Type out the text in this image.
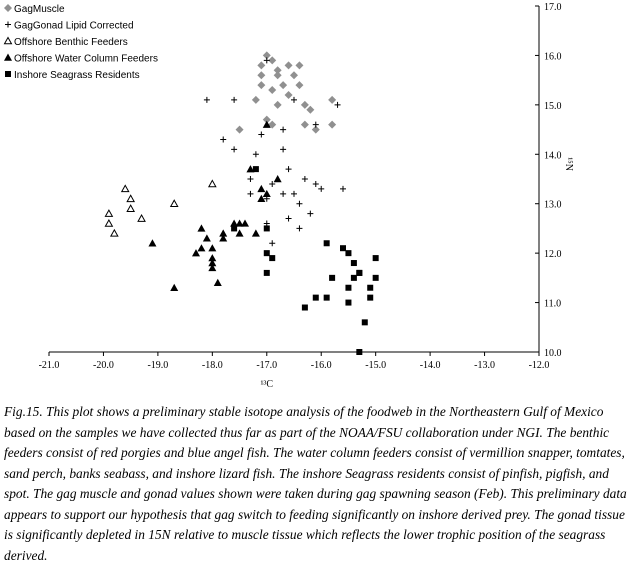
-21.0	-20.0	-19.0	-18.0	-17.0	-16.0	-15.0	-14.0	-13.0	-12.0
10.0
11.0
12.0
13.0
14.0
15.0
16.0
17.0
¹³C
¹⁵N
GagMuscle
GagGonad Lipid Corrected
Offshore Benthic Feeders
Offshore Water Column Feeders
Inshore Seagrass Residents
Fig.15. This plot shows a preliminary stable isotope analysis of the foodweb in the Northeastern Gulf of Mexico based on the samples we have collected thus far as part of the NOAA/FSU collaboration under NGI. The benthic feeders consist of red porgies and blue angel fish. The water column feeders consist of vermillion snapper, tomtates, sand perch, banks seabass, and inshore lizard fish. The inshore Seagrass residents consist of pinfish, pigfish, and spot. The gag muscle and gonad values shown were taken during gag spawning season (Feb). This preliminary data appears to support our hypothesis that gag switch to feeding significantly on inshore derived prey. The gonad tissue is significantly depleted in 15N relative to muscle tissue which reflects the lower trophic position of the seagrass derived.
